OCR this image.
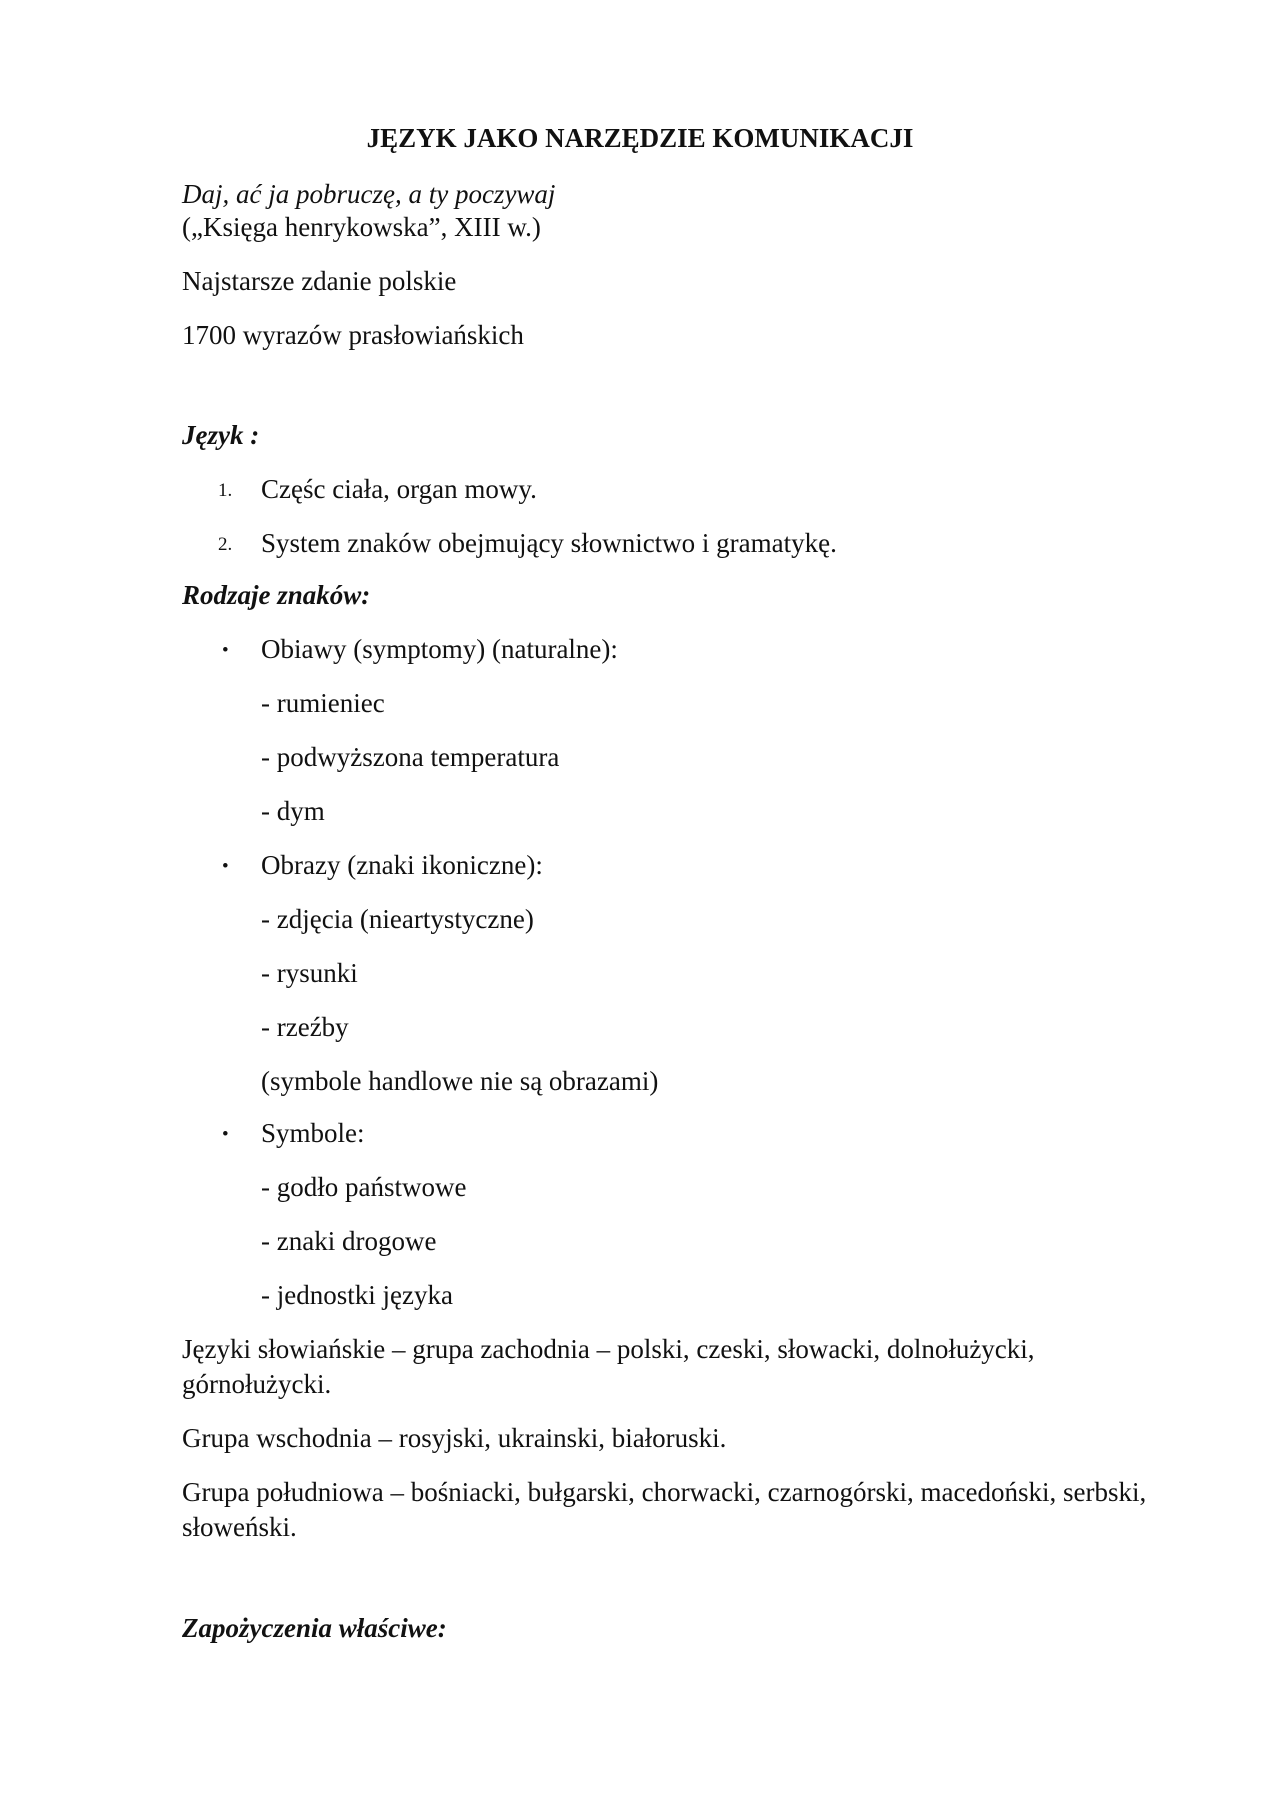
JĘZYK JAKO NARZĘDZIE KOMUNIKACJI
Daj, ać ja pobruczę, a ty poczywaj
(„Księga henrykowska”, XIII w.)
Najstarsze zdanie polskie
1700 wyrazów prasłowiańskich
Język :
1. Częśc ciała, organ mowy.
2. System znaków obejmujący słownictwo i gramatykę.
Rodzaje znaków:
• Obiawy (symptomy) (naturalne):
- rumieniec
- podwyższona temperatura
- dym
• Obrazy (znaki ikoniczne):
- zdjęcia (nieartystyczne)
- rysunki
- rzeźby
(symbole handlowe nie są obrazami)
• Symbole:
- godło państwowe
- znaki drogowe
- jednostki języka
Języki słowiańskie – grupa zachodnia – polski, czeski, słowacki, dolnołużycki, górnołużycki.
Grupa wschodnia – rosyjski, ukrainski, białoruski.
Grupa południowa – bośniacki, bułgarski, chorwacki, czarnogórski, macedoński, serbski, słoweński.
Zapożyczenia właściwe:
